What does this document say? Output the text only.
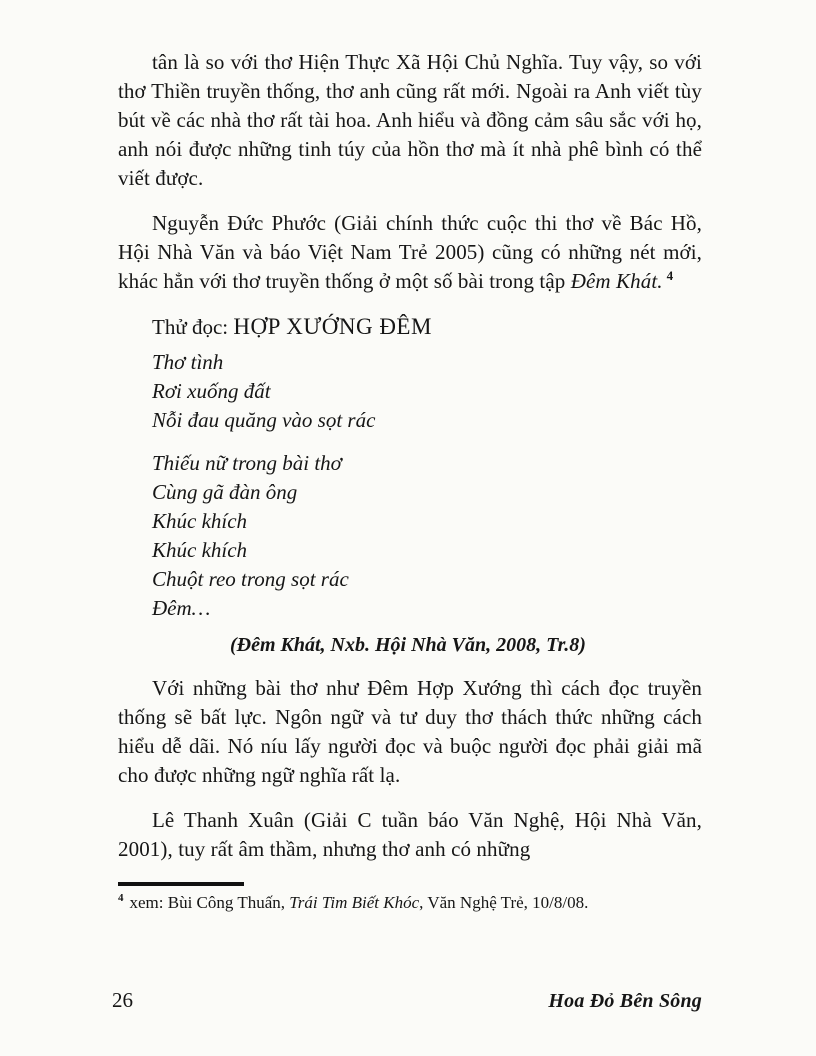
tân là so với thơ Hiện Thực Xã Hội Chủ Nghĩa. Tuy vậy, so với thơ Thiền truyền thống, thơ anh cũng rất mới. Ngoài ra Anh viết tùy bút về các nhà thơ rất tài hoa. Anh hiểu và đồng cảm sâu sắc với họ, anh nói được những tinh túy của hồn thơ mà ít nhà phê bình có thể viết được.

Nguyễn Đức Phước (Giải chính thức cuộc thi thơ về Bác Hồ, Hội Nhà Văn và báo Việt Nam Trẻ 2005) cũng có những nét mới, khác hẳn với thơ truyền thống ở một số bài trong tập Đêm Khát. $^4$

Thử đọc: HỢP XƯỚNG ĐÊM

Thơ tình

Rơi xuống đất

Nỗi đau quăng vào sọt rác

Thiếu nữ trong bài thơ

Cùng gã đàn ông

Khúc khích

Khúc khích

Chuột reo trong sọt rác

Đêm…

(Đêm Khát, Nxb. Hội Nhà Văn, 2008, Tr.8)

Với những bài thơ như Đêm Hợp Xướng thì cách đọc truyền thống sẽ bất lực. Ngôn ngữ và tư duy thơ thách thức những cách hiểu dễ dãi. Nó níu lấy người đọc và buộc người đọc phải giải mã cho được những ngữ nghĩa rất lạ.

Lê Thanh Xuân (Giải C tuần báo Văn Nghệ, Hội Nhà Văn, 2001), tuy rất âm thầm, nhưng thơ anh có những

$^4$ xem: Bùi Công Thuấn, Trái Tim Biết Khóc, Văn Nghệ Trẻ, 10/8/08.

26	Hoa Đỏ Bên Sông
